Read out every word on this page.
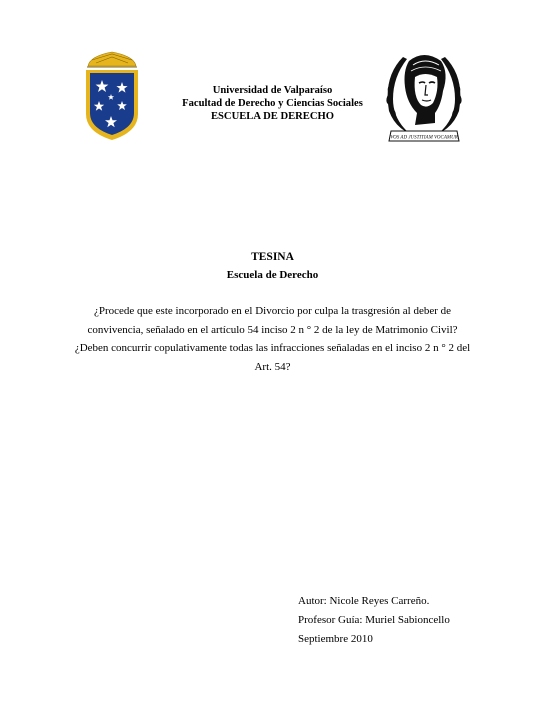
Universidad de Valparaíso
Facultad de Derecho y Ciencias Sociales
ESCUELA DE DERECHO
VOS AD JUSTITIAM VOCAMUR
TESINA
Escuela de Derecho

¿Procede que este incorporado en el Divorcio por culpa la trasgresión al deber de convivencia, señalado en el artículo 54 inciso 2 n ° 2 de la ley de Matrimonio Civil?

¿Deben concurrir copulativamente todas las infracciones señaladas en el inciso 2 n ° 2 del Art. 54?

Autor: Nicole Reyes Carreño.
Profesor Guía: Muriel Sabioncello
Septiembre 2010
